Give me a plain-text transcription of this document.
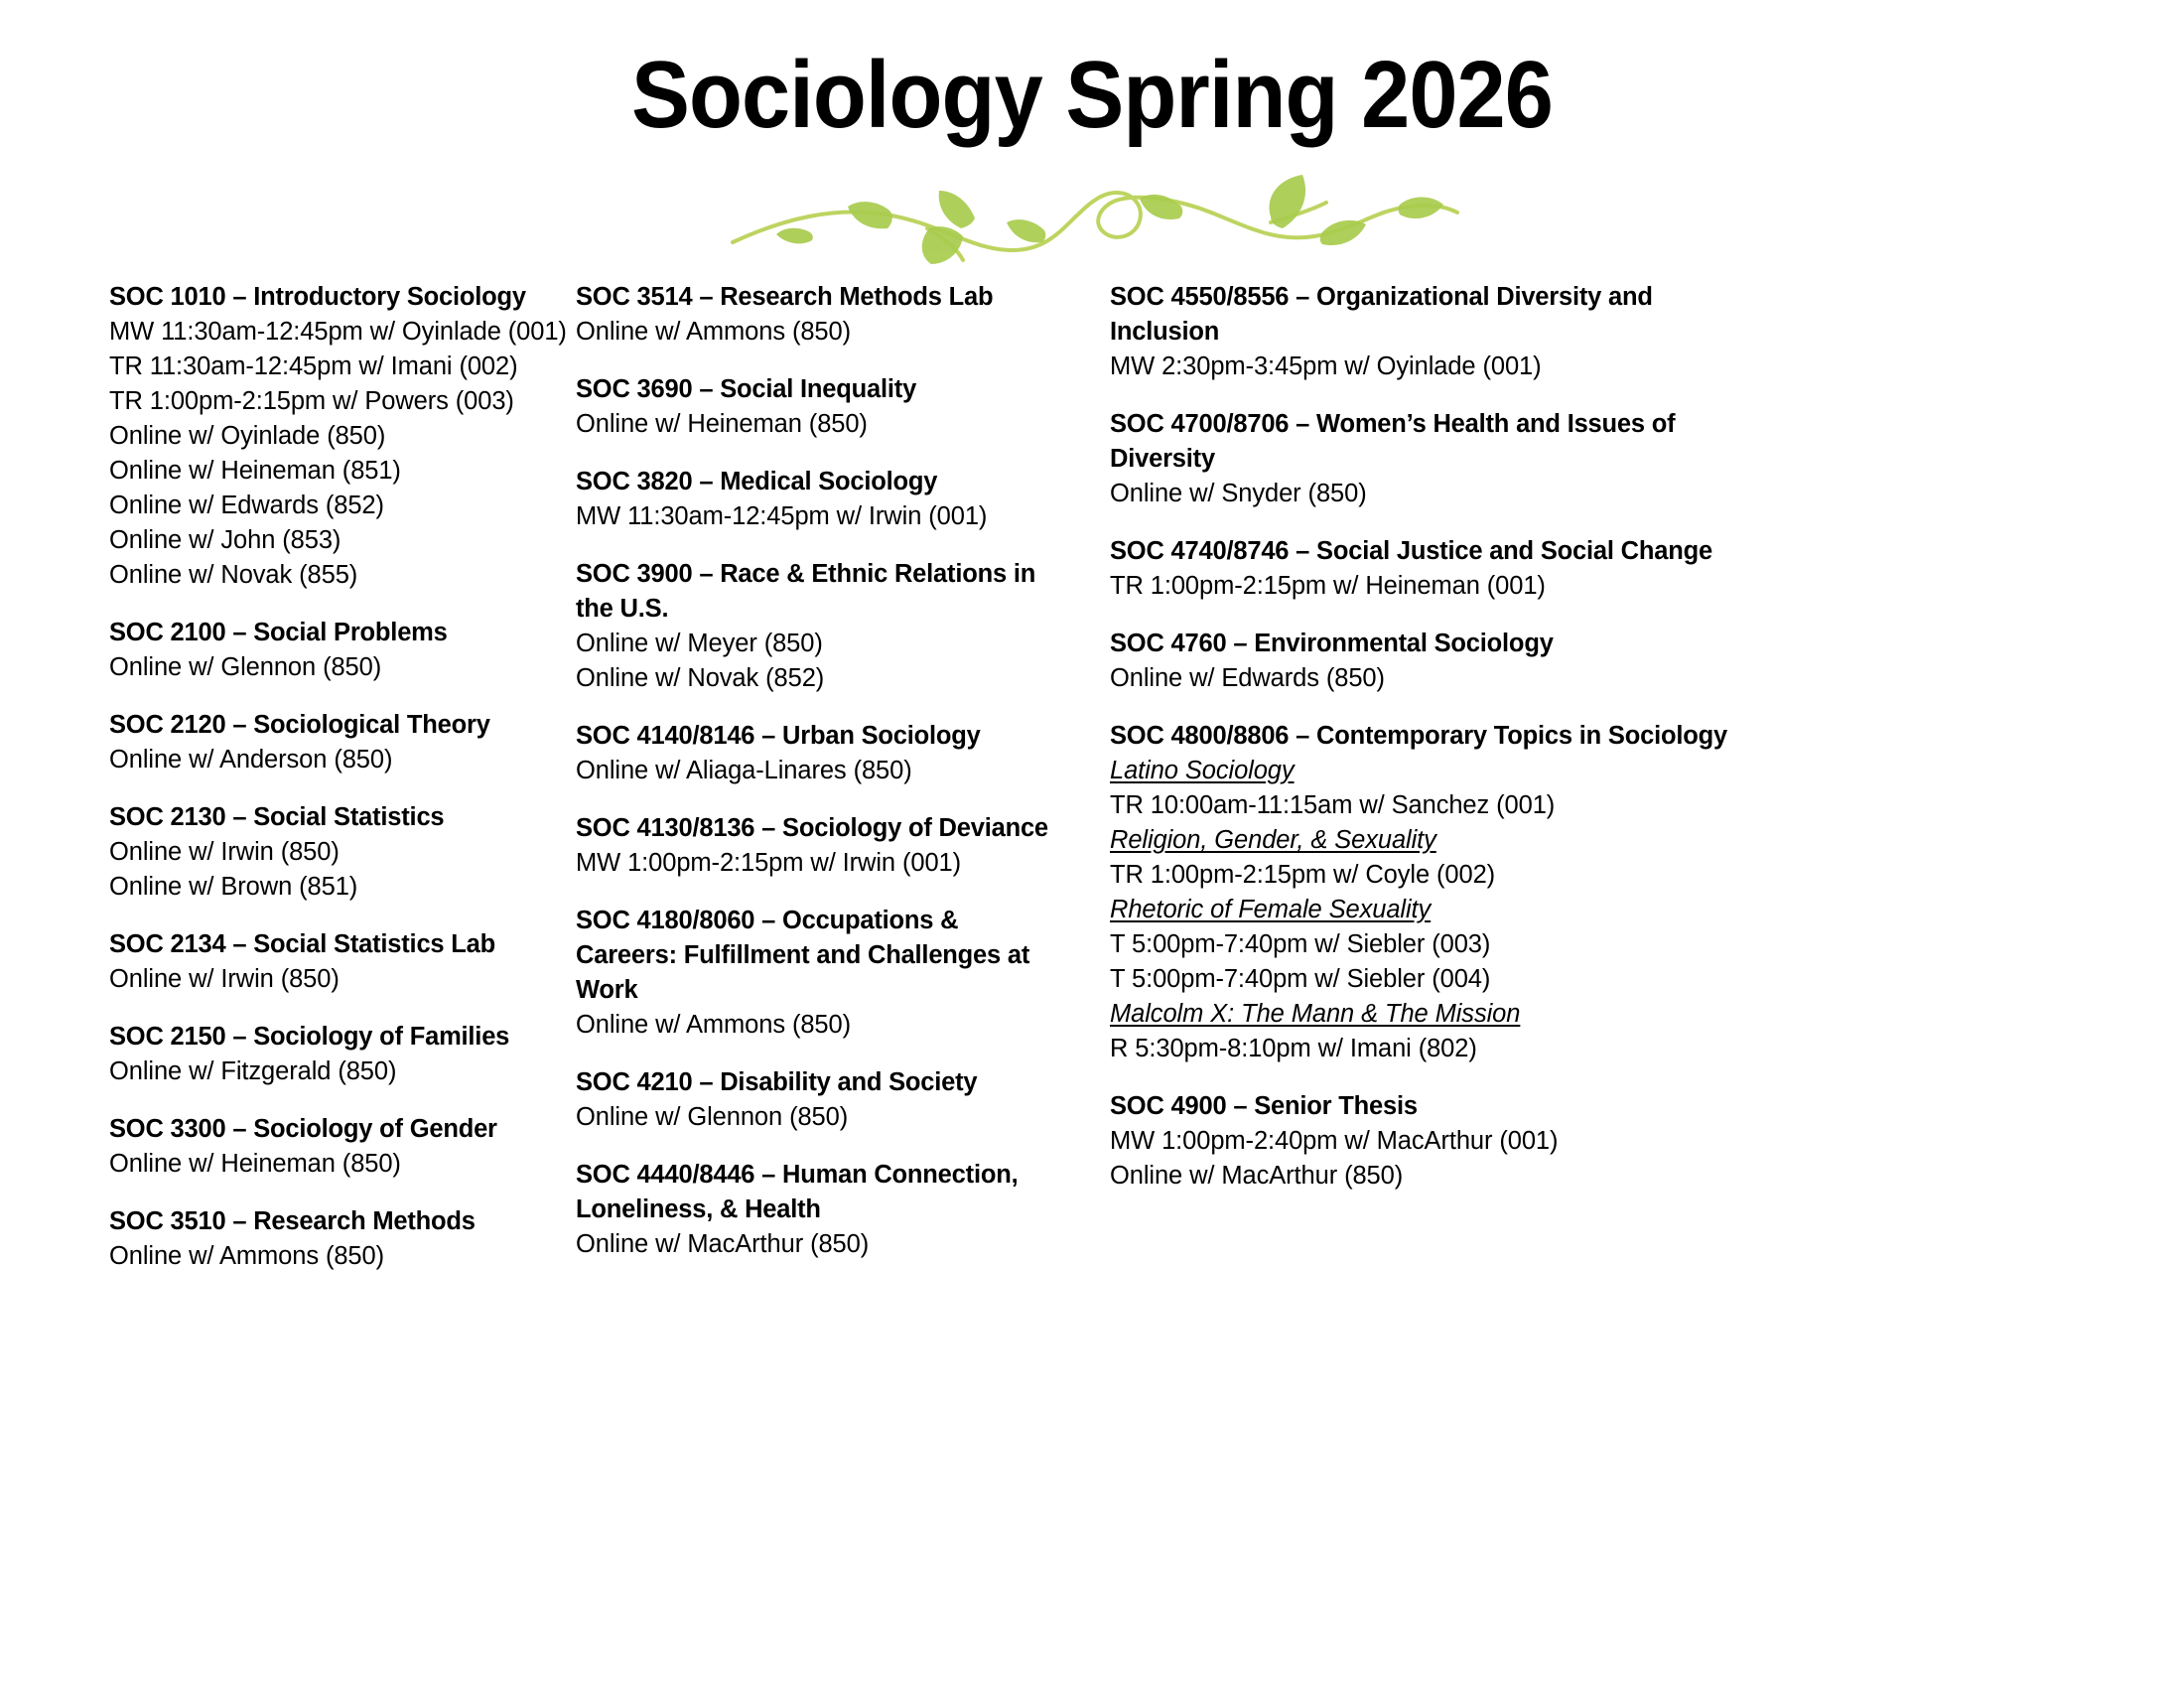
Sociology Spring 2026
SOC 1010 – Introductory Sociology
MW 11:30am-12:45pm w/ Oyinlade (001)
TR 11:30am-12:45pm w/ Imani (002)
TR 1:00pm-2:15pm w/ Powers (003)
Online w/ Oyinlade (850)
Online w/ Heineman (851)
Online w/ Edwards (852)
Online w/ John (853)
Online w/ Novak (855)
SOC 2100 – Social Problems
Online w/ Glennon (850)
SOC 2120 – Sociological Theory
Online w/ Anderson (850)
SOC 2130 – Social Statistics
Online w/ Irwin (850)
Online w/ Brown (851)
SOC 2134 – Social Statistics Lab
Online w/ Irwin (850)
SOC 2150 – Sociology of Families
Online w/ Fitzgerald (850)
SOC 3300 – Sociology of Gender
Online w/ Heineman (850)
SOC 3510 – Research Methods
Online w/ Ammons (850)
SOC 3514 – Research Methods Lab
Online w/ Ammons (850)
SOC 3690 – Social Inequality
Online w/ Heineman (850)
SOC 3820 – Medical Sociology
MW 11:30am-12:45pm w/ Irwin (001)
SOC 3900 – Race & Ethnic Relations in the U.S.
Online w/ Meyer (850)
Online w/ Novak (852)
SOC 4140/8146 – Urban Sociology
Online w/ Aliaga-Linares (850)
SOC 4130/8136 – Sociology of Deviance
MW 1:00pm-2:15pm w/ Irwin (001)
SOC 4180/8060 – Occupations & Careers: Fulfillment and Challenges at Work
Online w/ Ammons (850)
SOC 4210 – Disability and Society
Online w/ Glennon (850)
SOC 4440/8446 – Human Connection, Loneliness, & Health
Online w/ MacArthur (850)
SOC 4550/8556 – Organizational Diversity and Inclusion
MW 2:30pm-3:45pm w/ Oyinlade (001)
SOC 4700/8706 – Women’s Health and Issues of Diversity
Online w/ Snyder (850)
SOC 4740/8746 – Social Justice and Social Change
TR 1:00pm-2:15pm w/ Heineman (001)
SOC 4760 – Environmental Sociology
Online w/ Edwards (850)
SOC 4800/8806 – Contemporary Topics in Sociology
Latino Sociology
TR 10:00am-11:15am w/ Sanchez (001)
Religion, Gender, & Sexuality
TR 1:00pm-2:15pm w/ Coyle (002)
Rhetoric of Female Sexuality
T 5:00pm-7:40pm w/ Siebler (003)
T 5:00pm-7:40pm w/ Siebler (004)
Malcolm X: The Mann & The Mission
R 5:30pm-8:10pm w/ Imani (802)
SOC 4900 – Senior Thesis
MW 1:00pm-2:40pm w/ MacArthur (001)
Online w/ MacArthur (850)
